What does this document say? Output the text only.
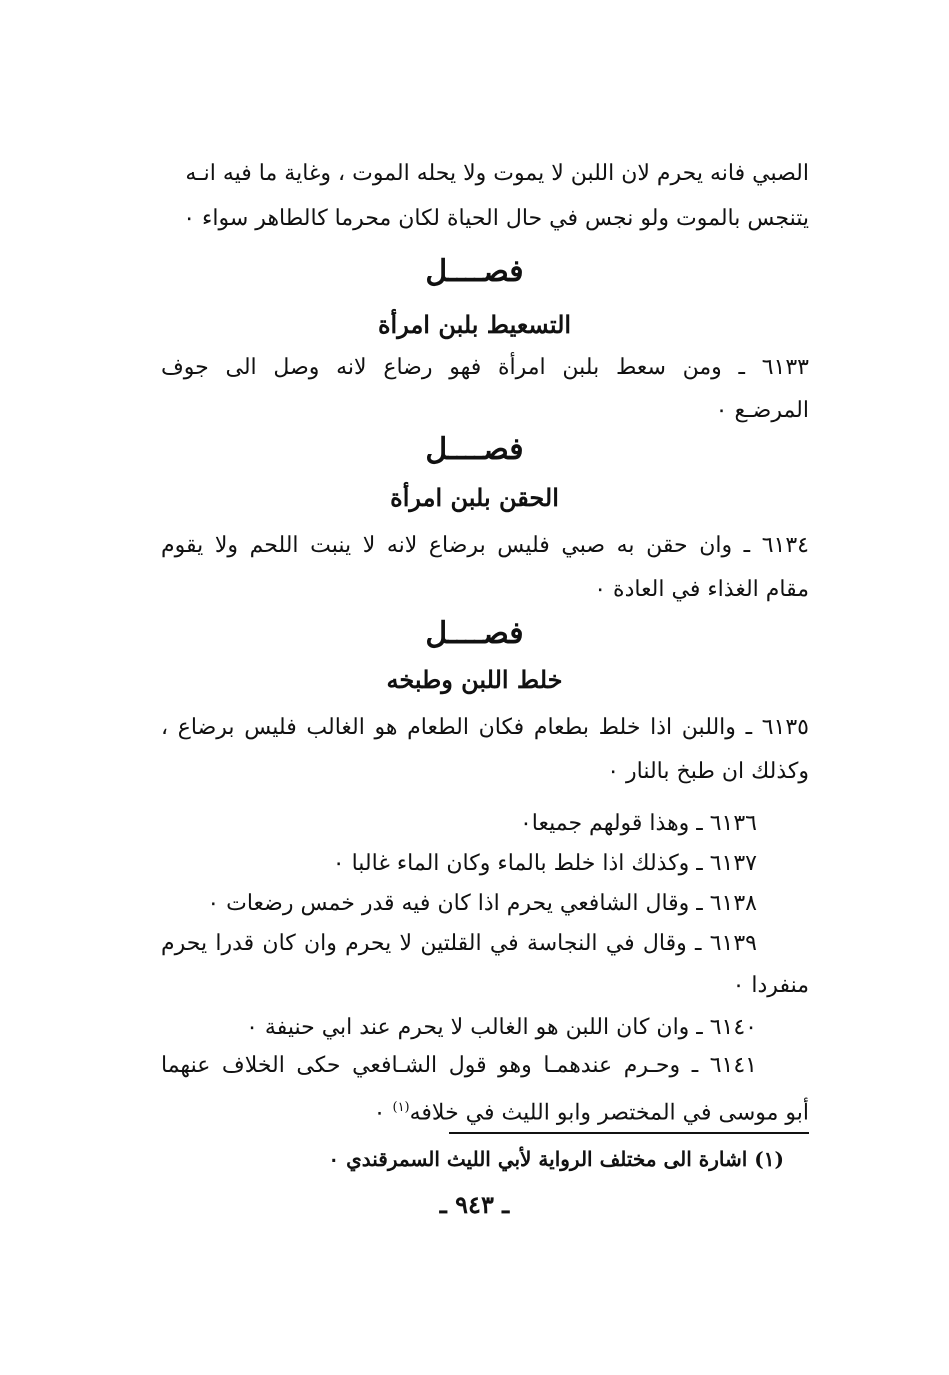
الصبي فانه يحرم لان اللبن لا يموت ولا يحله الموت ، وغاية ما فيه انـه
يتنجس بالموت ولو نجس في حال الحياة لكان محرما كالطاهر سواء ٠
فصــــل
التسعيط بلبن امرأة
٦١٣٣ ـ ومن سعط بلبن امرأة فهو رضاع لانه وصل الى جوف
المرضـع ٠
فصــــل
الحقن بلبن امرأة
٦١٣٤ ـ وان حقن به صبي فليس برضاع لانه لا ينبت اللحم ولا يقوم
مقام الغذاء في العادة ٠
فصــــل
خلط اللبن وطبخه
٦١٣٥ ـ واللبن اذا خلط بطعام فكان الطعام هو الغالب فليس برضاع ،
وكذلك ان طبخ بالنار ٠
٦١٣٦ ـ وهذا قولهم جميعا٠
٦١٣٧ ـ وكذلك اذا خلط بالماء وكان الماء غالبا ٠
٦١٣٨ ـ وقال الشافعي يحرم اذا كان فيه قدر خمس رضعات ٠
٦١٣٩ ـ وقال في النجاسة في القلتين لا يحرم وان كان قدرا يحرم
منفردا ٠
٦١٤٠ ـ وان كان اللبن هو الغالب لا يحرم عند ابي حنيفة ٠
٦١٤١ ـ وحـرم عندهمـا وهو قول الشـافعي حكى الخلاف عنهما
أبو موسى في المختصر وابو الليث في خلافه$^{(١)}$ ٠
(١) اشارة الى مختلف الرواية لأبي الليث السمرقندي ٠
ـ ٩٤٣ ـ
